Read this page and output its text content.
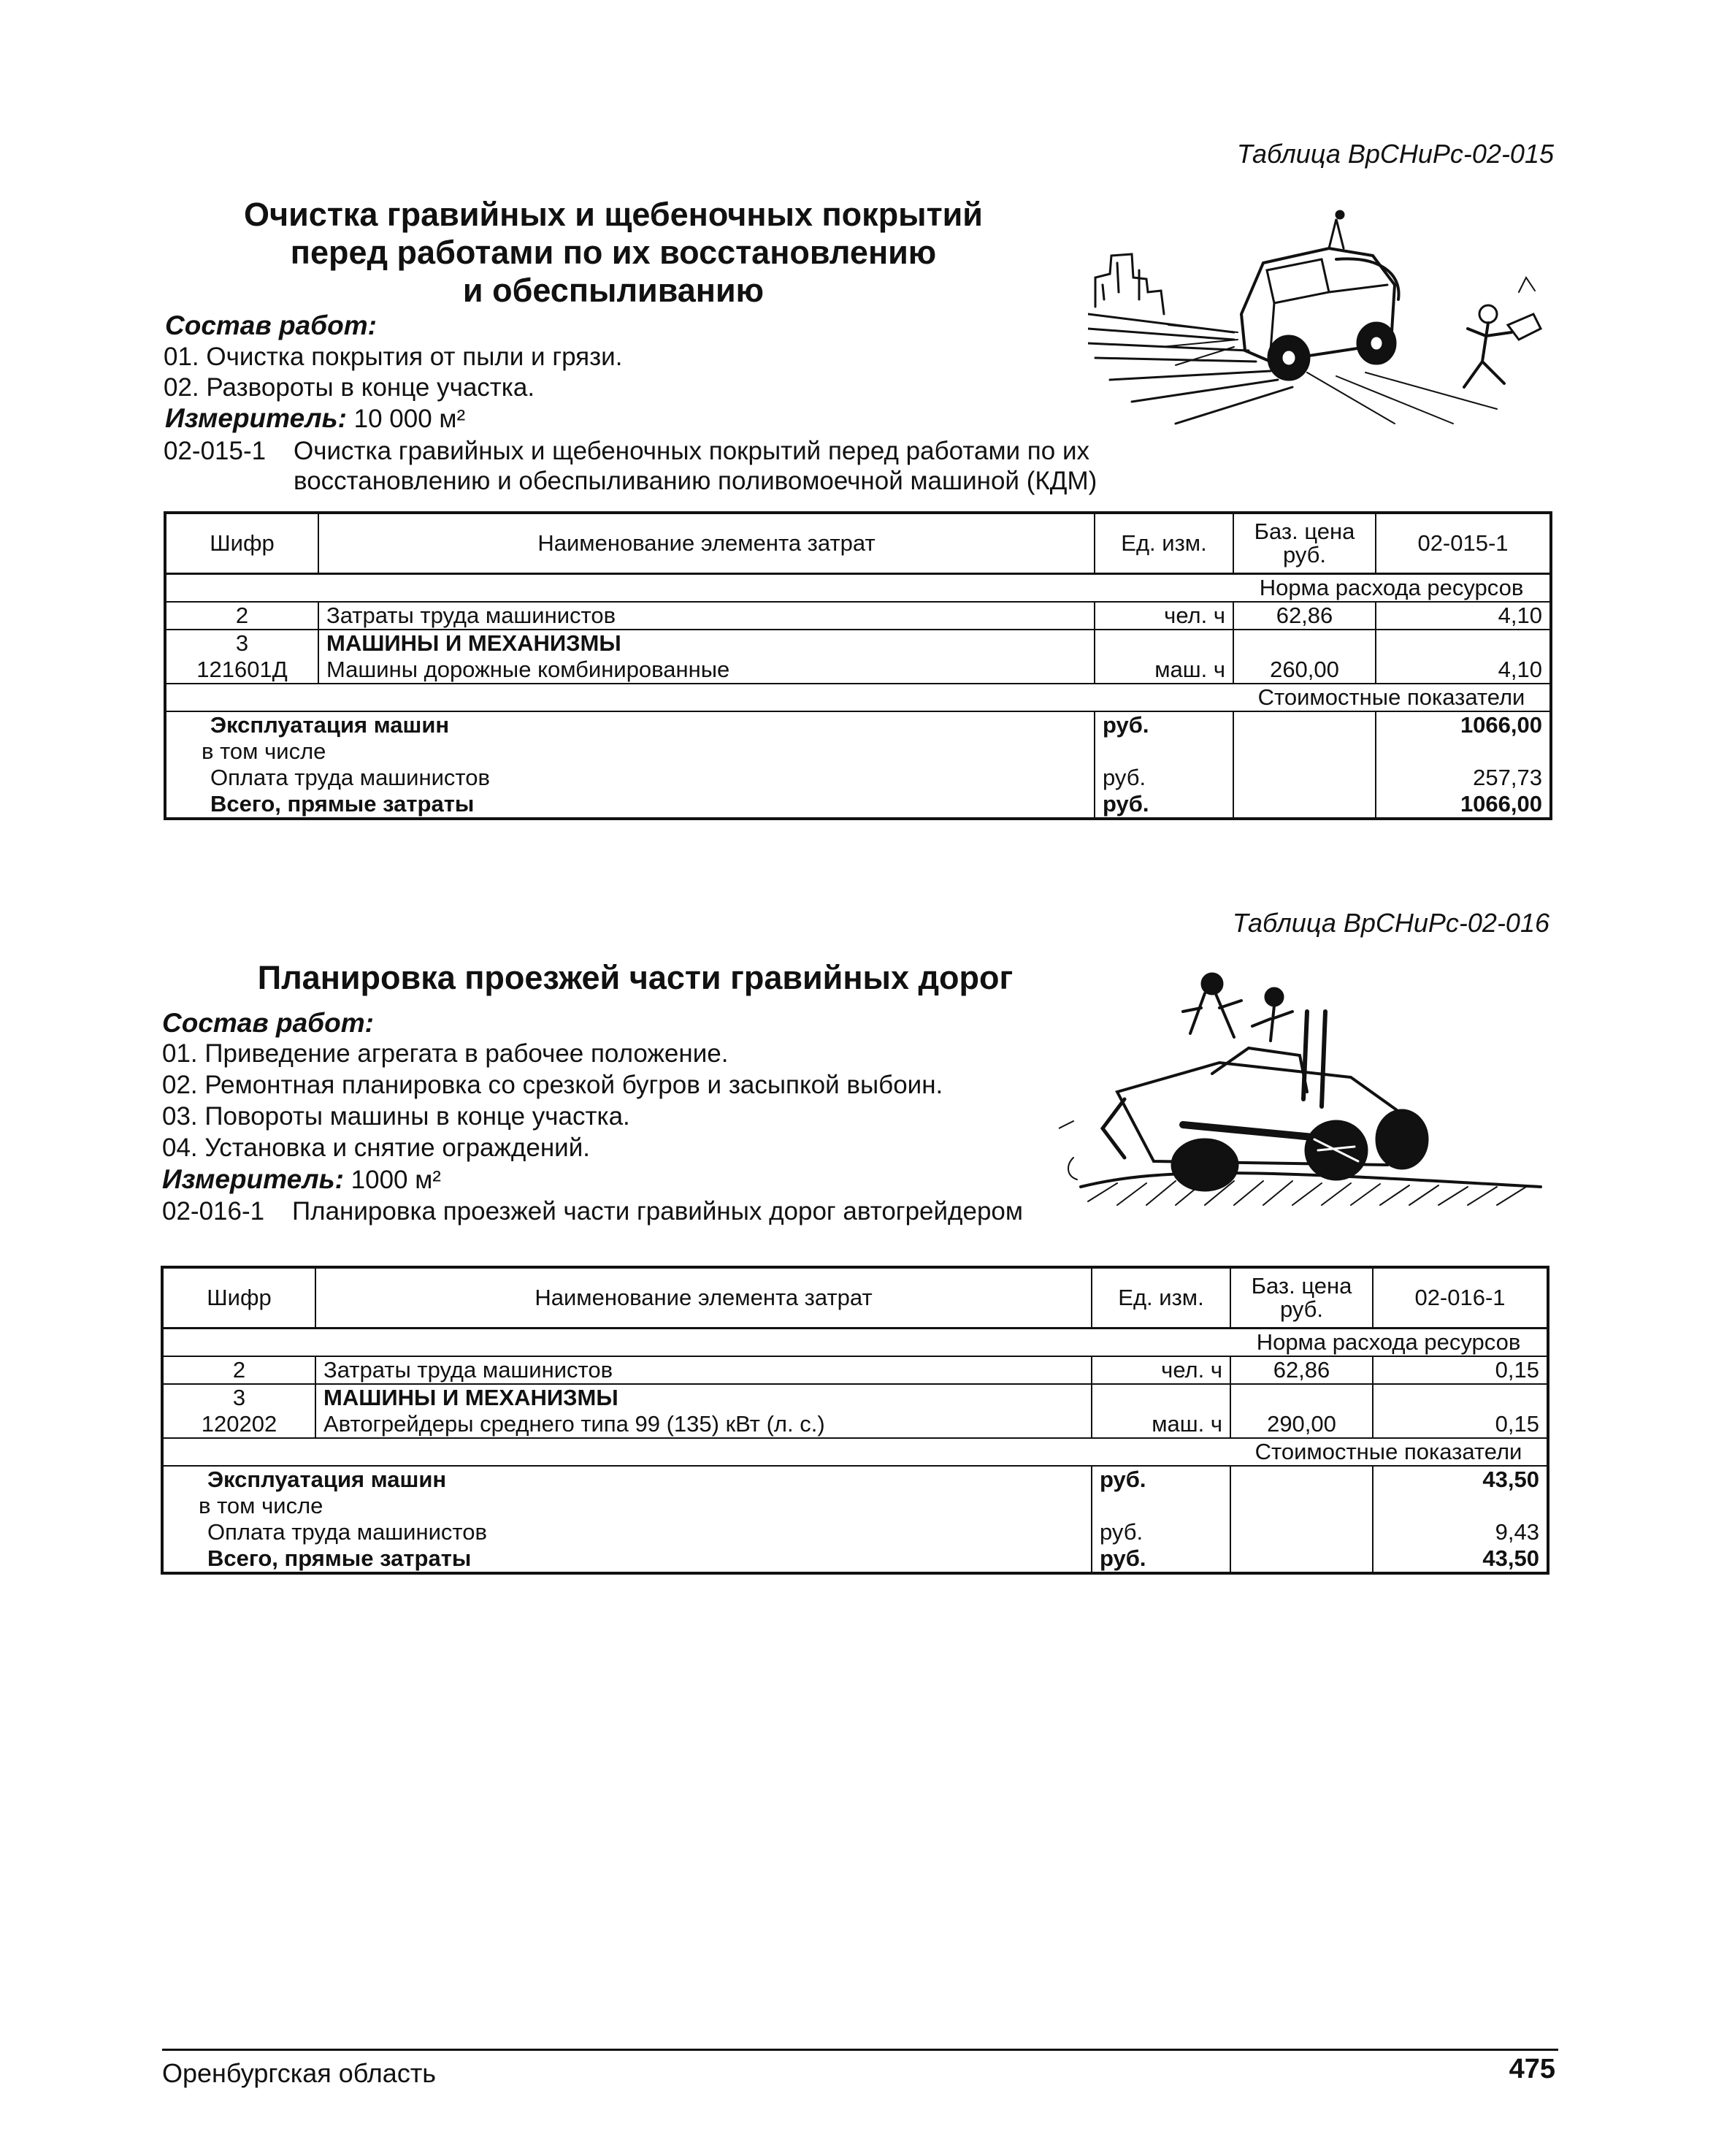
Таблица ВрСНиРс-02-015
Очистка гравийных и щебеночных покрытий
перед работами по их восстановлению
и обеспыливанию
Состав работ:
01. Очистка покрытия от пыли и грязи.
02. Развороты в конце участка.
Измеритель: 10 000 м²
02-015-1 Очистка гравийных и щебеночных покрытий перед работами по их
восстановлению и обеспыливанию поливомоечной машиной (КДМ)
Шифр	Наименование элемента затрат	Ед. изм.	Баз. цена руб.	02-015-1
			Норма расхода ресурсов	
2	Затраты труда машинистов	чел. ч	62,86	4,10
3	МАШИНЫ И МЕХАНИЗМЫ			
121601Д	Машины дорожные комбинированные	маш. ч	260,00	4,10
			Стоимостные показатели	
Эксплуатация машин		руб.		1066,00
в том числе				
Оплата труда машинистов		руб.		257,73
Всего, прямые затраты		руб.		1066,00
Таблица ВрСНиРс-02-016
Планировка проезжей части гравийных дорог
Состав работ:
01. Приведение агрегата в рабочее положение.
02. Ремонтная планировка со срезкой бугров и засыпкой выбоин.
03. Повороты машины в конце участка.
04. Установка и снятие ограждений.
Измеритель: 1000 м²
02-016-1 Планировка проезжей части гравийных дорог автогрейдером
Шифр	Наименование элемента затрат	Ед. изм.	Баз. цена руб.	02-016-1
			Норма расхода ресурсов	
2	Затраты труда машинистов	чел. ч	62,86	0,15
3	МАШИНЫ И МЕХАНИЗМЫ			
120202	Автогрейдеры среднего типа 99 (135) кВт (л. с.)	маш. ч	290,00	0,15
			Стоимостные показатели	
Эксплуатация машин		руб.		43,50
в том числе				
Оплата труда машинистов		руб.		9,43
Всего, прямые затраты		руб.		43,50
Оренбургская область	475
